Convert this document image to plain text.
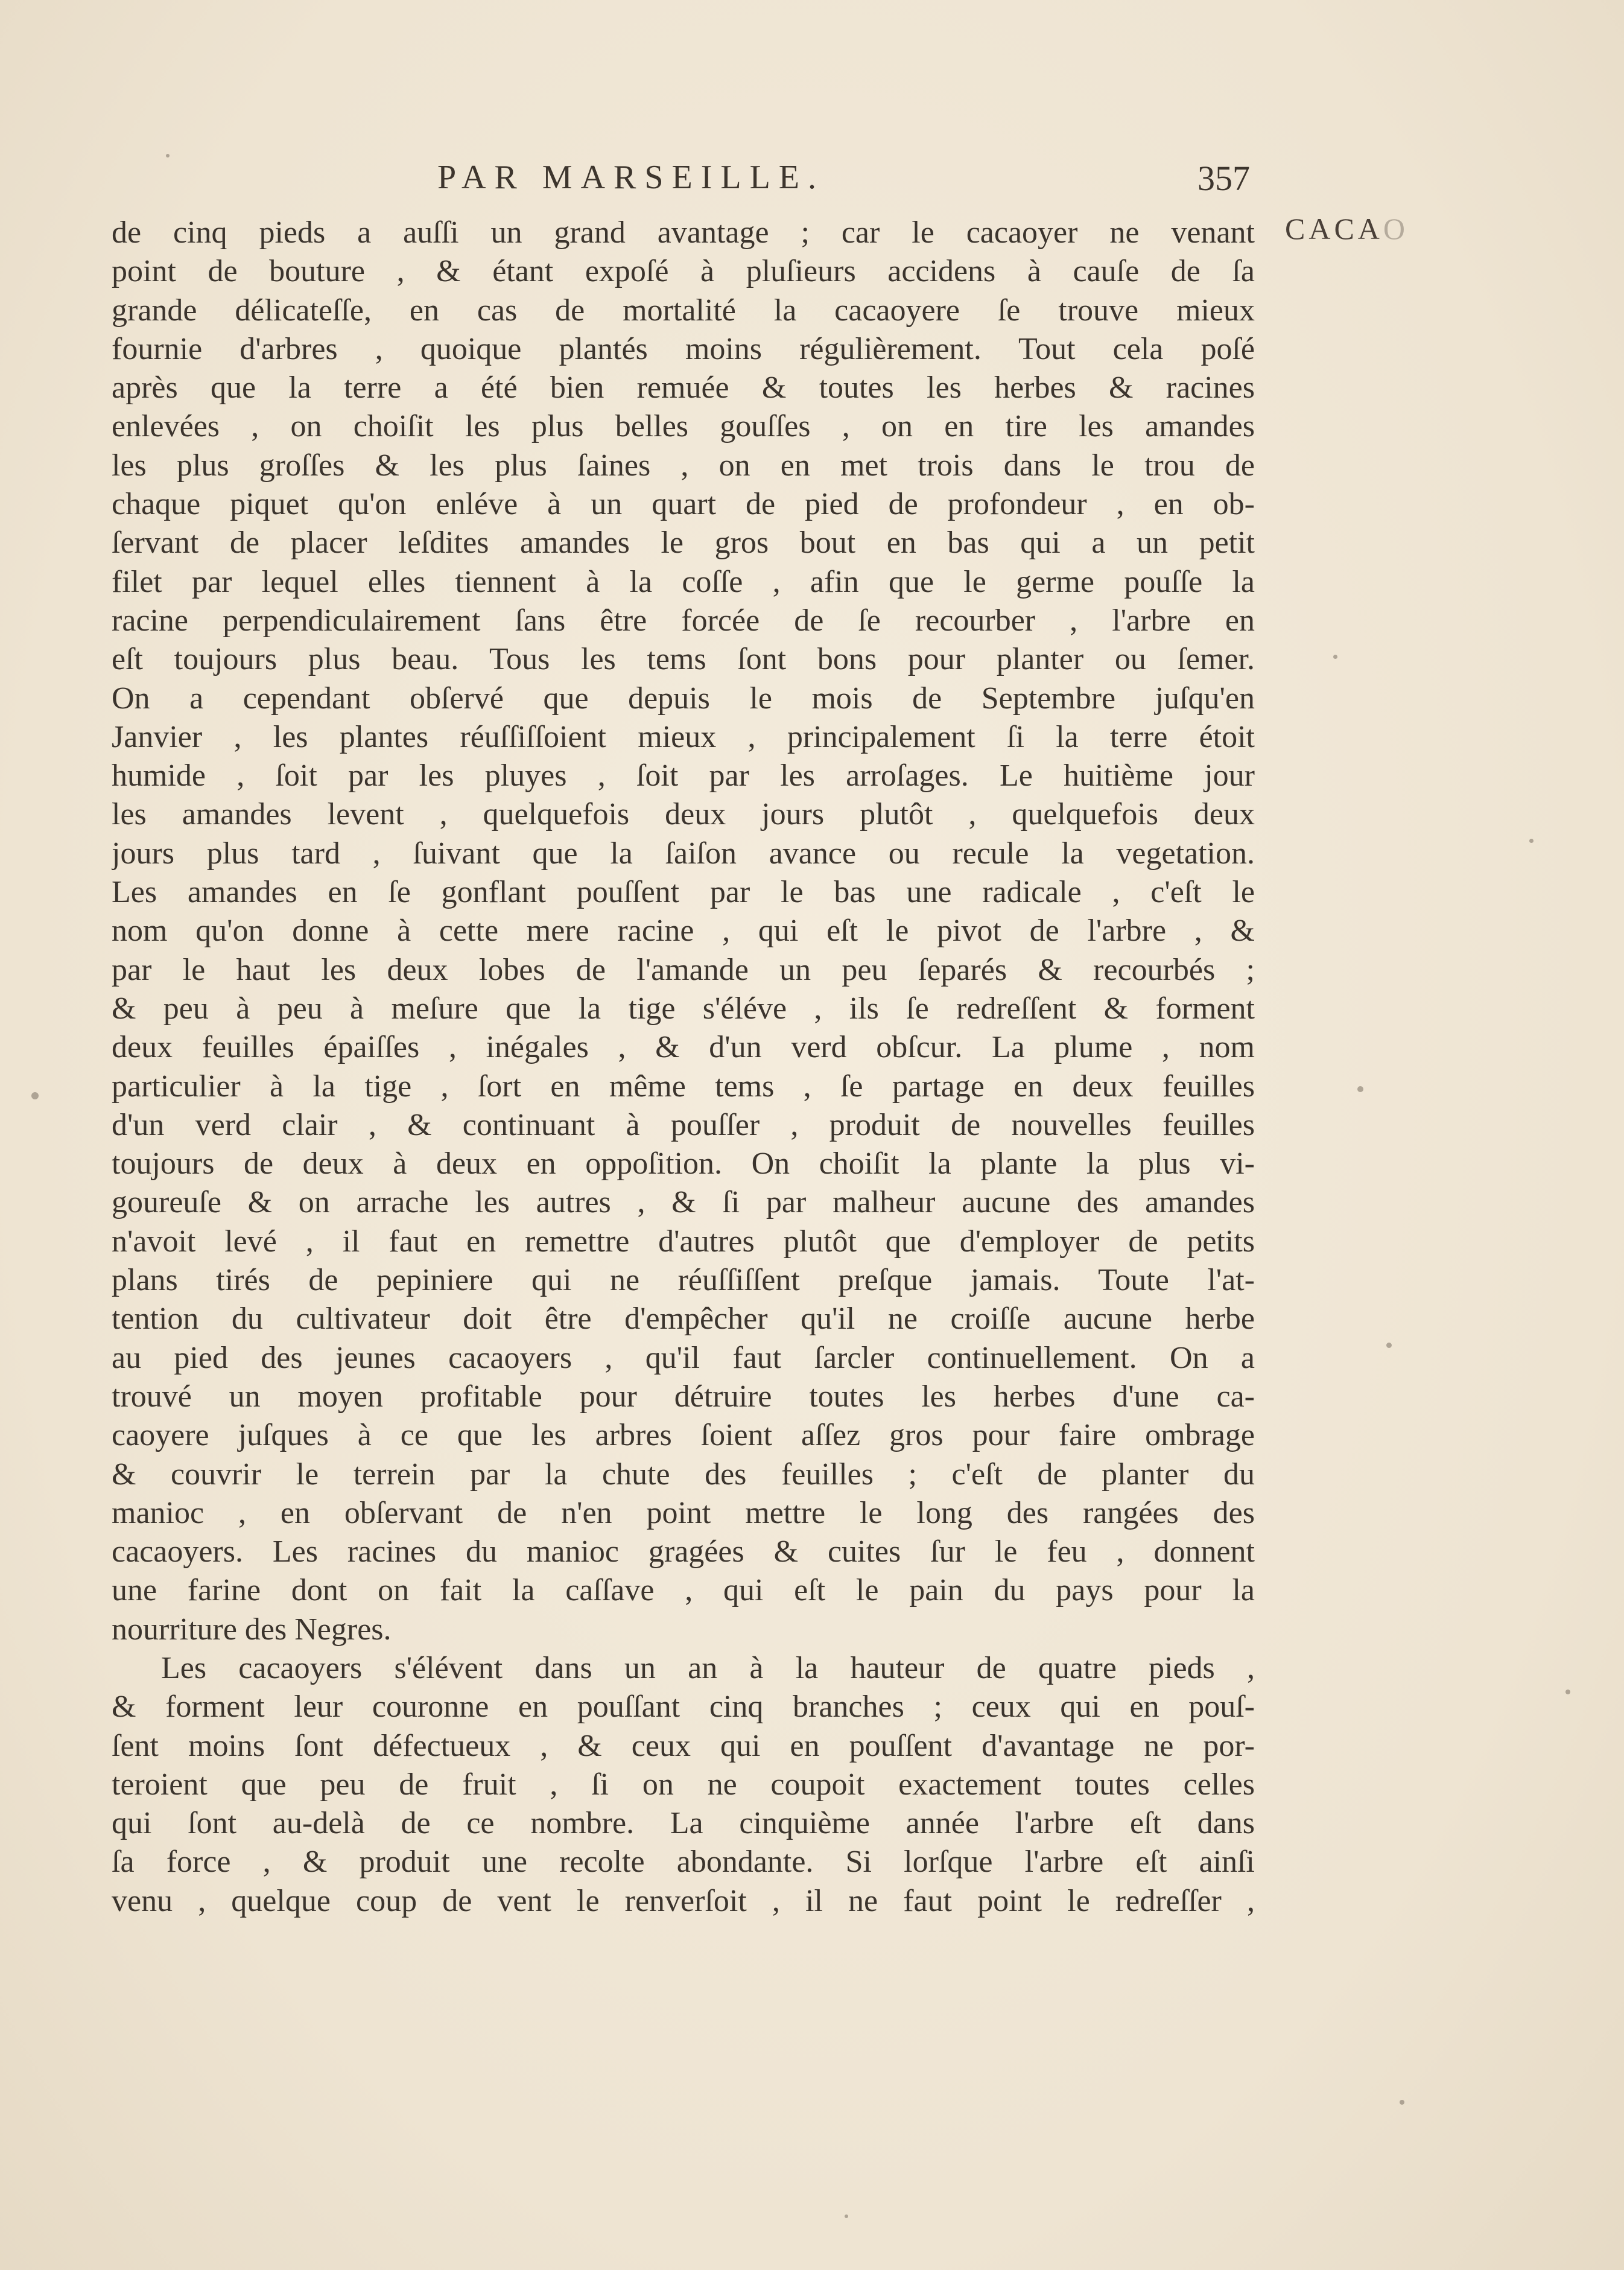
PAR MARSEILLE.	357
CACAO
de cinq pieds a auſſi un grand avantage ; car le cacaoyer ne venant
point de bouture , & étant expoſé à pluſieurs accidens à cauſe de ſa
grande délicateſſe, en cas de mortalité la cacaoyere ſe trouve mieux
fournie d'arbres , quoique plantés moins régulièrement. Tout cela poſé
après que la terre a été bien remuée & toutes les herbes & racines
enlevées , on choiſit les plus belles gouſſes , on en tire les amandes
les plus groſſes & les plus ſaines , on en met trois dans le trou de
chaque piquet qu'on enléve à un quart de pied de profondeur , en ob-
ſervant de placer leſdites amandes le gros bout en bas qui a un petit
filet par lequel elles tiennent à la coſſe , afin que le germe pouſſe la
racine perpendiculairement ſans être forcée de ſe recourber , l'arbre en
eſt toujours plus beau. Tous les tems ſont bons pour planter ou ſemer.
On a cependant obſervé que depuis le mois de Septembre juſqu'en
Janvier , les plantes réuſſiſſoient mieux , principalement ſi la terre étoit
humide , ſoit par les pluyes , ſoit par les arroſages. Le huitième jour
les amandes levent , quelquefois deux jours plutôt , quelquefois deux
jours plus tard , ſuivant que la ſaiſon avance ou recule la vegetation.
Les amandes en ſe gonflant pouſſent par le bas une radicale , c'eſt le
nom qu'on donne à cette mere racine , qui eſt le pivot de l'arbre , &
par le haut les deux lobes de l'amande un peu ſeparés & recourbés ;
& peu à peu à meſure que la tige s'éléve , ils ſe redreſſent & forment
deux feuilles épaiſſes , inégales , & d'un verd obſcur. La plume , nom
particulier à la tige , ſort en même tems , ſe partage en deux feuilles
d'un verd clair , & continuant à pouſſer , produit de nouvelles feuilles
toujours de deux à deux en oppoſition. On choiſit la plante la plus vi-
goureuſe & on arrache les autres , & ſi par malheur aucune des amandes
n'avoit levé , il faut en remettre d'autres plutôt que d'employer de petits
plans tirés de pepiniere qui ne réuſſiſſent preſque jamais. Toute l'at-
tention du cultivateur doit être d'empêcher qu'il ne croiſſe aucune herbe
au pied des jeunes cacaoyers , qu'il faut ſarcler continuellement. On a
trouvé un moyen profitable pour détruire toutes les herbes d'une ca-
caoyere juſques à ce que les arbres ſoient aſſez gros pour faire ombrage
& couvrir le terrein par la chute des feuilles ; c'eſt de planter du
manioc , en obſervant de n'en point mettre le long des rangées des
cacaoyers. Les racines du manioc gragées & cuites ſur le feu , donnent
une farine dont on fait la caſſave , qui eſt le pain du pays pour la
nourriture des Negres.
Les cacaoyers s'élévent dans un an à la hauteur de quatre pieds ,
& forment leur couronne en pouſſant cinq branches ; ceux qui en pouſ-
ſent moins ſont défectueux , & ceux qui en pouſſent d'avantage ne por-
teroient que peu de fruit , ſi on ne coupoit exactement toutes celles
qui ſont au-delà de ce nombre. La cinquième année l'arbre eſt dans
ſa force , & produit une recolte abondante. Si lorſque l'arbre eſt ainſi
venu , quelque coup de vent le renverſoit , il ne faut point le redreſſer ,
